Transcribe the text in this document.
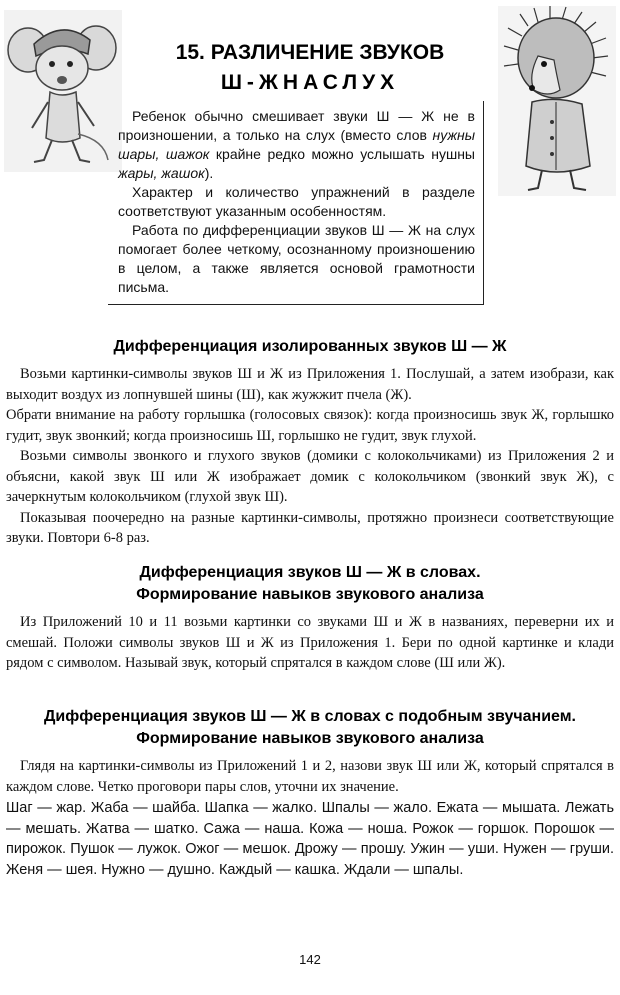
15. РАЗЛИЧЕНИЕ ЗВУКОВ
Ш-ЖНАСЛУХ

Ребенок обычно смешивает звуки Ш — Ж не в произношении, а только на слух (вместо слов нужны шары, шажок крайне редко можно услышать нушны жары, жашок).

Характер и количество упражнений в разделе соответствуют указанным особенностям.

Работа по дифференциации звуков Ш — Ж на слух помогает более четкому, осознанному произношению в целом, а также является основой грамотности письма.

Дифференциация изолированных звуков Ш — Ж

Возьми картинки-символы звуков Ш и Ж из Приложения 1. Послушай, а затем изобрази, как выходит воздух из лопнувшей шины (Ш), как жужжит пчела (Ж).

Обрати внимание на работу горлышка (голосовых связок): когда произносишь звук Ж, горлышко гудит, звук звонкий; когда произносишь Ш, горлышко не гудит, звук глухой.

Возьми символы звонкого и глухого звуков (домики с колокольчиками) из Приложения 2 и объясни, какой звук Ш или Ж изображает домик с колокольчиком (звонкий звук Ж), с зачеркнутым колокольчиком (глухой звук Ш).

Показывая поочередно на разные картинки-символы, протяжно произнеси соответствующие звуки. Повтори 6-8 раз.

Дифференциация звуков Ш — Ж в словах.
Формирование навыков звукового анализа

Из Приложений 10 и 11 возьми картинки со звуками Ш и Ж в названиях, переверни их и смешай. Положи символы звуков Ш и Ж из Приложения 1. Бери по одной картинке и клади рядом с символом. Называй звук, который спрятался в каждом слове (Ш или Ж).

Дифференциация звуков Ш — Ж в словах с подобным звучанием.
Формирование навыков звукового анализа

Глядя на картинки-символы из Приложений 1 и 2, назови звук Ш или Ж, который спрятался в каждом слове. Четко проговори пары слов, уточни их значение.

Шаг — жар. Жаба — шайба. Шапка — жалко. Шпалы — жало. Ежата — мышата. Лежать — мешать. Жатва — шатко. Сажа — наша. Кожа — ноша. Рожок — горшок. Порошок — пирожок. Пушок — лужок. Ожог — мешок. Дрожу — прошу. Ужин — уши. Нужен — груши. Женя — шея. Нужно — душно. Каждый — кашка. Ждали — шпалы.
142
